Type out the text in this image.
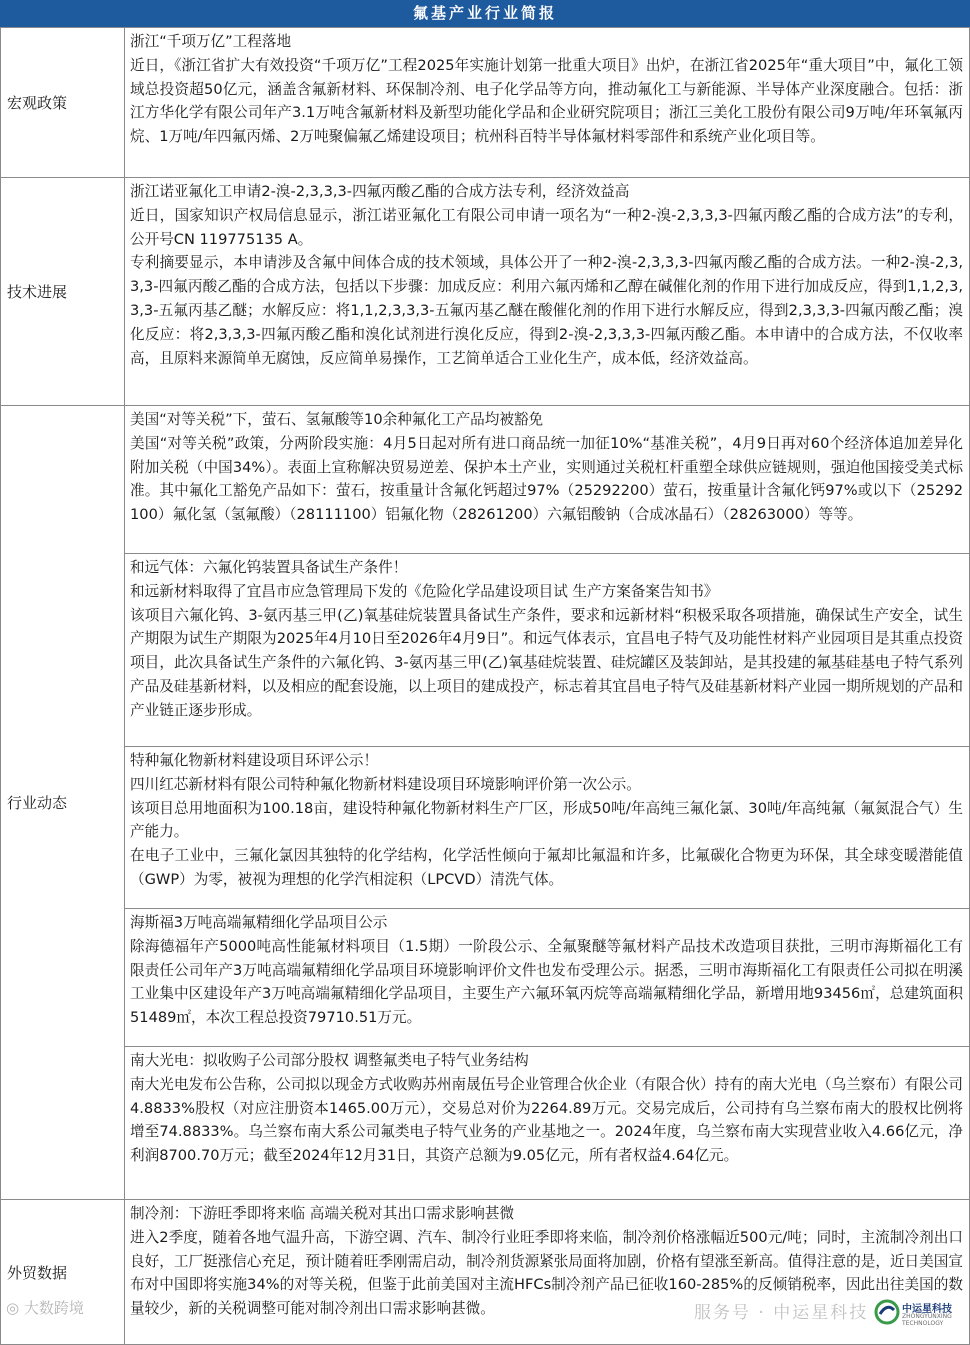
氟基产业行业简报
宏观政策	浙江“千项万亿”工程落地

近日，《浙江省扩大有效投资“千项万亿”工程2025年实施计划第一批重大项目》出炉，在浙江省2025年“重大项目”中，氟化工领域总投资超50亿元，涵盖含氟新材料、环保制冷剂、电子化学品等方向，推动氟化工与新能源、半导体产业深度融合。包括：浙江方华化学有限公司年产3.1万吨含氟新材料及新型功能化学品和企业研究院项目；浙江三美化工股份有限公司9万吨/年环氧氟丙烷、1万吨/年四氟丙烯、2万吨聚偏氟乙烯建设项目；杭州科百特半导体氟材料零部件和系统产业化项目等。

技术进展	浙江诺亚氟化工申请2-溴-2,3,3,3-四氟丙酸乙酯的合成方法专利，经济效益高

近日，国家知识产权局信息显示，浙江诺亚氟化工有限公司申请一项名为“一种2-溴-2,3,3,3-四氟丙酸乙酯的合成方法”的专利，公开号CN 119775135 A。

专利摘要显示，本申请涉及含氟中间体合成的技术领域，具体公开了一种2-溴-2,3,3,3-四氟丙酸乙酯的合成方法。一种2-溴-2,3,3,3-四氟丙酸乙酯的合成方法，包括以下步骤：加成反应：利用六氟丙烯和乙醇在碱催化剂的作用下进行加成反应，得到1,1,2,3,3,3-五氟丙基乙醚；水解反应：将1,1,2,3,3,3-五氟丙基乙醚在酸催化剂的作用下进行水解反应，得到2,3,3,3-四氟丙酸乙酯；溴化反应：将2,3,3,3-四氟丙酸乙酯和溴化试剂进行溴化反应，得到2-溴-2,3,3,3-四氟丙酸乙酯。本申请中的合成方法，不仅收率高，且原料来源简单无腐蚀，反应简单易操作，工艺简单适合工业化生产，成本低，经济效益高。

行业动态	美国“对等关税”下，萤石、氢氟酸等10余种氟化工产品均被豁免

美国“对等关税”政策，分两阶段实施：4月5日起对所有进口商品统一加征10%“基准关税”，4月9日再对60个经济体追加差异化附加关税（中国34%）。表面上宣称解决贸易逆差、保护本土产业，实则通过关税杠杆重塑全球供应链规则，强迫他国接受美式标准。其中氟化工豁免产品如下：萤石，按重量计含氟化钙超过97%（25292200）萤石，按重量计含氟化钙97%或以下（25292100）氟化氢（氢氟酸）（28111100）铝氟化物（28261200）六氟铝酸钠（合成冰晶石）（28263000）等等。

	和远气体：六氟化钨装置具备试生产条件！

和远新材料取得了宜昌市应急管理局下发的《危险化学品建设项目试 生产方案备案告知书》
该项目六氟化钨、3-氨丙基三甲(乙)氧基硅烷装置具备试生产条件，要求和远新材料“积极采取各项措施，确保试生产安全，试生产期限为试生产期限为2025年4月10日至2026年4月9日”。和远气体表示，宜昌电子特气及功能性材料产业园项目是其重点投资项目，此次具备试生产条件的六氟化钨、3-氨丙基三甲(乙)氧基硅烷装置、硅烷罐区及装卸站，是其投建的氟基硅基电子特气系列产品及硅基新材料，以及相应的配套设施，以上项目的建成投产，标志着其宜昌电子特气及硅基新材料产业园一期所规划的产品和产业链正逐步形成。

	特种氟化物新材料建设项目环评公示！

四川红芯新材料有限公司特种氟化物新材料建设项目环境影响评价第一次公示。
该项目总用地面积为100.18亩，建设特种氟化物新材料生产厂区，形成50吨/年高纯三氟化氯、30吨/年高纯氟（氟氮混合气）生产能力。
在电子工业中，三氟化氯因其独特的化学结构，化学活性倾向于氟却比氟温和许多，比氟碳化合物更为环保，其全球变暖潜能值（GWP）为零，被视为理想的化学汽相淀积（LPCVD）清洗气体。

	海斯福3万吨高端氟精细化学品项目公示

除海德福年产5000吨高性能氟材料项目（1.5期）一阶段公示、全氟聚醚等氟材料产品技术改造项目获批，三明市海斯福化工有限责任公司年产3万吨高端氟精细化学品项目环境影响评价文件也发布受理公示。据悉，三明市海斯福化工有限责任公司拟在明溪工业集中区建设年产3万吨高端氟精细化学品项目，主要生产六氟环氧丙烷等高端氟精细化学品，新增用地93456㎡，总建筑面积51489㎡，本次工程总投资79710.51万元。

	南大光电：拟收购子公司部分股权 调整氟类电子特气业务结构

南大光电发布公告称，公司拟以现金方式收购苏州南晟伍号企业管理合伙企业（有限合伙）持有的南大光电（乌兰察布）有限公司4.8833%股权（对应注册资本1465.00万元），交易总对价为2264.89万元。交易完成后，公司持有乌兰察布南大的股权比例将增至74.8833%。乌兰察布南大系公司氟类电子特气业务的产业基地之一。2024年度，乌兰察布南大实现营业收入4.66亿元，净利润8700.70万元；截至2024年12月31日，其资产总额为9.05亿元，所有者权益4.64亿元。

外贸数据	制冷剂：下游旺季即将来临 高端关税对其出口需求影响甚微

进入2季度，随着各地气温升高，下游空调、汽车、制冷行业旺季即将来临，制冷剂价格涨幅近500元/吨；同时，主流制冷剂出口良好，工厂挺涨信心充足，预计随着旺季刚需启动，制冷剂货源紧张局面将加剧，价格有望涨至新高。值得注意的是，近日美国宣布对中国即将实施34%的对等关税，但鉴于此前美国对主流HFCs制冷剂产品已征收160-285%的反倾销税率，因此出往美国的数量较少，新的关税调整可能对制冷剂出口需求影响甚微。

◎ 大数跨境	服务号 · 中运星科技	中运星科技
ZHONGYUNXING TECHNOLOGY
